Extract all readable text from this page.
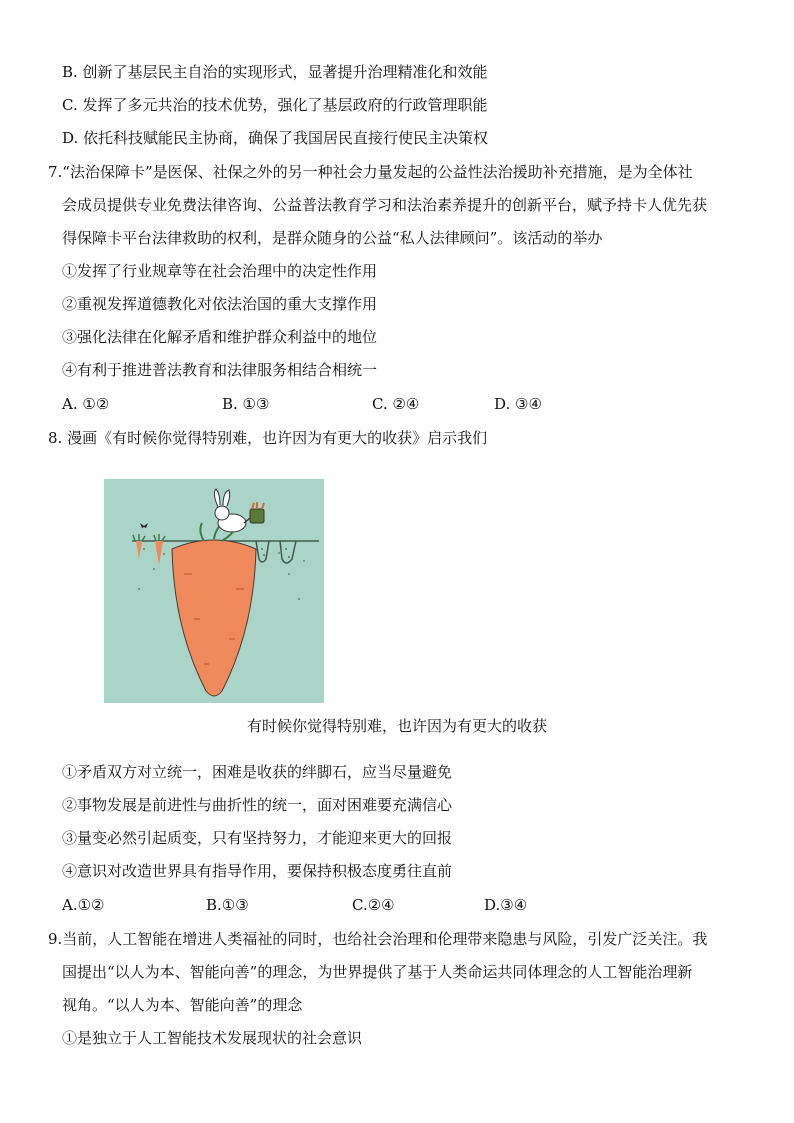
B. 创新了基层民主自治的实现形式，显著提升治理精准化和效能
C. 发挥了多元共治的技术优势，强化了基层政府的行政管理职能
D. 依托科技赋能民主协商，确保了我国居民直接行使民主决策权
7.“法治保障卡”是医保、社保之外的另一种社会力量发起的公益性法治援助补充措施，是为全体社
会成员提供专业免费法律咨询、公益普法教育学习和法治素养提升的创新平台，赋予持卡人优先获
得保障卡平台法律救助的权利，是群众随身的公益“私人法律顾问”。该活动的举办
①发挥了行业规章等在社会治理中的决定性作用
②重视发挥道德教化对依法治国的重大支撑作用
③强化法律在化解矛盾和维护群众利益中的地位
④有利于推进普法教育和法律服务相结合相统一
A. ①②	B. ①③	C. ②④	D. ③④
8. 漫画《有时候你觉得特别难，也许因为有更大的收获》启示我们
有时候你觉得特别难，也许因为有更大的收获
①矛盾双方对立统一，困难是收获的绊脚石，应当尽量避免
②事物发展是前进性与曲折性的统一，面对困难要充满信心
③量变必然引起质变，只有坚持努力，才能迎来更大的回报
④意识对改造世界具有指导作用，要保持积极态度勇往直前
A.①②	B.①③	C.②④	D.③④
9.当前，人工智能在增进人类福祉的同时，也给社会治理和伦理带来隐患与风险，引发广泛关注。我
国提出“以人为本、智能向善”的理念，为世界提供了基于人类命运共同体理念的人工智能治理新
视角。“以人为本、智能向善”的理念
①是独立于人工智能技术发展现状的社会意识
